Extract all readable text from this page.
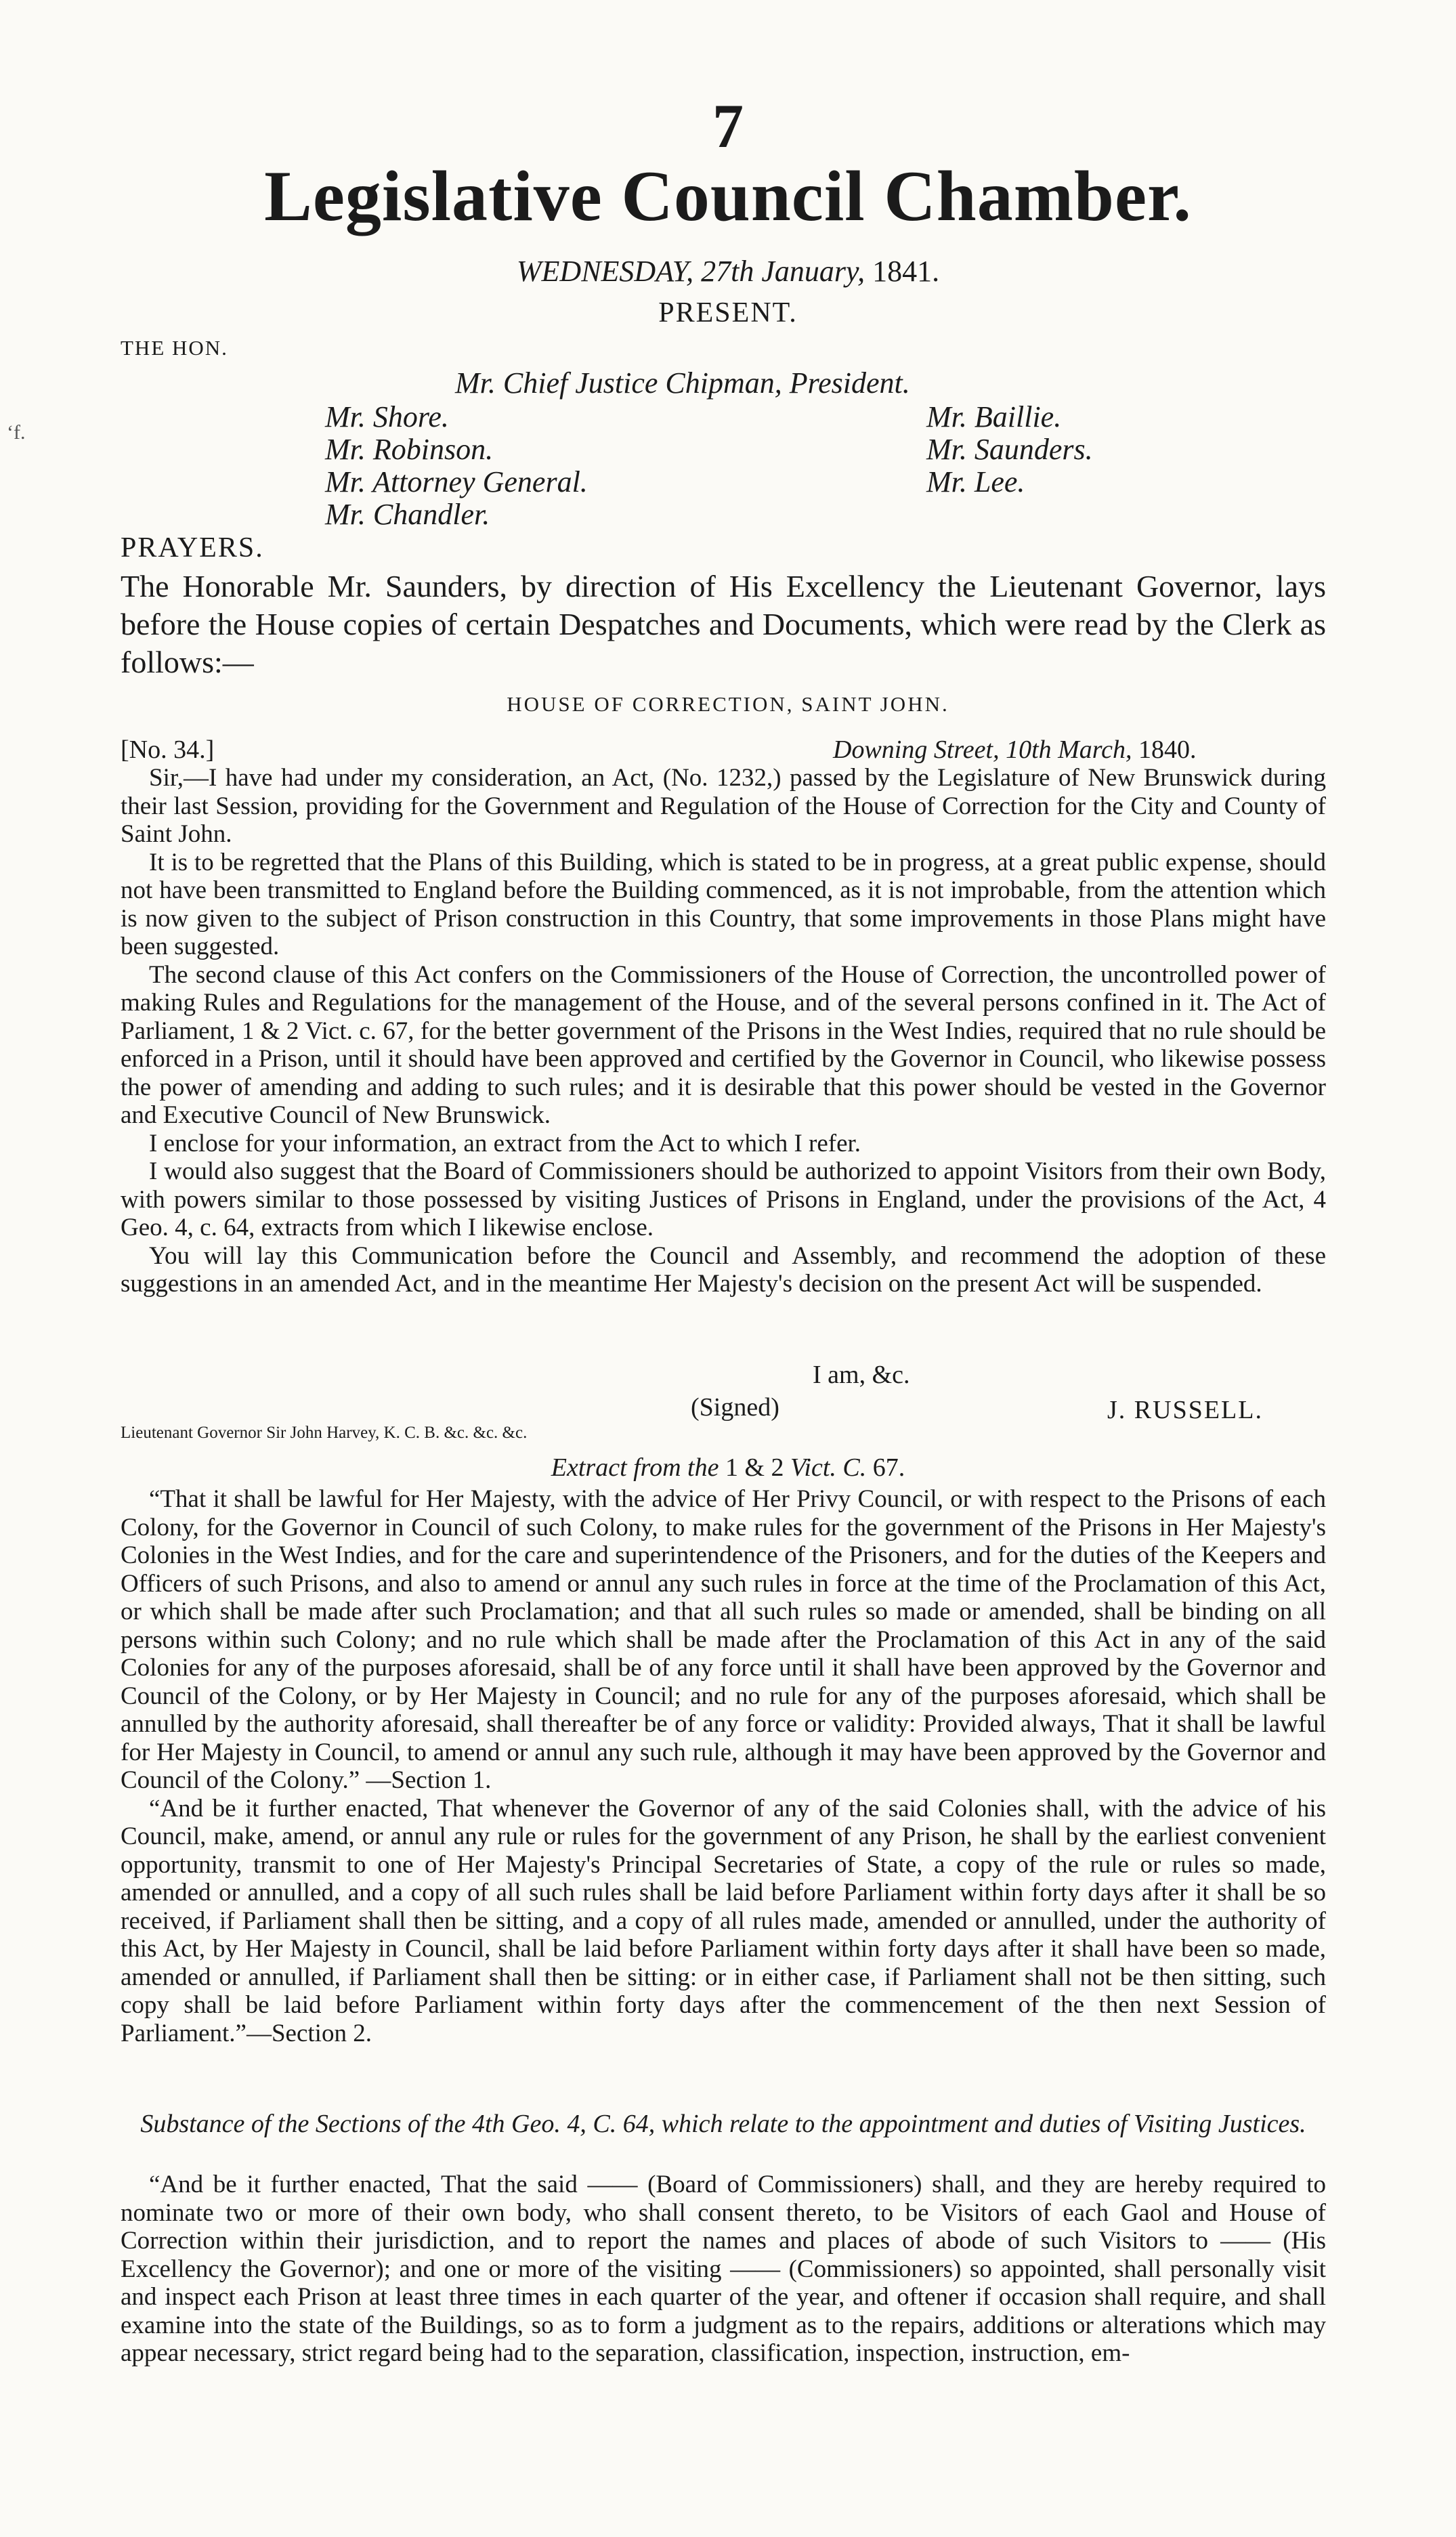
‘f.
7
Legislative Council Chamber.
WEDNESDAY, 27th January, 1841.
PRESENT.
THE HON.
Mr. Chief Justice Chipman, President.
Mr. Shore.
Mr. Robinson.
Mr. Attorney General.
Mr. Chandler.
Mr. Baillie.
Mr. Saunders.
Mr. Lee.
PRAYERS.

The Honorable Mr. Saunders, by direction of His Excellency the Lieutenant Governor, lays before the House copies of certain Despatches and Documents, which were read by the Clerk as follows:—

HOUSE OF CORRECTION, SAINT JOHN.
[No. 34.]	Downing Street, 10th March, 1840.

Sir,—I have had under my consideration, an Act, (No. 1232,) passed by the Legislature of New Brunswick during their last Session, providing for the Government and Regulation of the House of Correction for the City and County of Saint John.

It is to be regretted that the Plans of this Building, which is stated to be in progress, at a great public expense, should not have been transmitted to England before the Building commenced, as it is not improbable, from the attention which is now given to the subject of Prison construction in this Country, that some improvements in those Plans might have been suggested.

The second clause of this Act confers on the Commissioners of the House of Correction, the uncontrolled power of making Rules and Regulations for the management of the House, and of the several persons confined in it. The Act of Parliament, 1 & 2 Vict. c. 67, for the better government of the Prisons in the West Indies, required that no rule should be enforced in a Prison, until it should have been approved and certified by the Governor in Council, who likewise possess the power of amending and adding to such rules; and it is desirable that this power should be vested in the Governor and Executive Council of New Brunswick.

I enclose for your information, an extract from the Act to which I refer.

I would also suggest that the Board of Commissioners should be authorized to appoint Visitors from their own Body, with powers similar to those possessed by visiting Justices of Prisons in England, under the provisions of the Act, 4 Geo. 4, c. 64, extracts from which I likewise enclose.

You will lay this Communication before the Council and Assembly, and recommend the adoption of these suggestions in an amended Act, and in the meantime Her Majesty's decision on the present Act will be suspended.

I am, &c.
(Signed)	J. RUSSELL.
Lieutenant Governor Sir John Harvey, K. C. B. &c. &c. &c.
Extract from the 1 & 2 Vict. C. 67.

“That it shall be lawful for Her Majesty, with the advice of Her Privy Council, or with respect to the Prisons of each Colony, for the Governor in Council of such Colony, to make rules for the government of the Prisons in Her Majesty's Colonies in the West Indies, and for the care and superintendence of the Prisoners, and for the duties of the Keepers and Officers of such Prisons, and also to amend or annul any such rules in force at the time of the Proclamation of this Act, or which shall be made after such Proclamation; and that all such rules so made or amended, shall be binding on all persons within such Colony; and no rule which shall be made after the Proclamation of this Act in any of the said Colonies for any of the purposes aforesaid, shall be of any force until it shall have been approved by the Governor and Council of the Colony, or by Her Majesty in Council; and no rule for any of the purposes aforesaid, which shall be annulled by the authority aforesaid, shall thereafter be of any force or validity: Provided always, That it shall be lawful for Her Majesty in Council, to amend or annul any such rule, although it may have been approved by the Governor and Council of the Colony.” —Section 1.

“And be it further enacted, That whenever the Governor of any of the said Colonies shall, with the advice of his Council, make, amend, or annul any rule or rules for the government of any Prison, he shall by the earliest convenient opportunity, transmit to one of Her Majesty's Principal Secretaries of State, a copy of the rule or rules so made, amended or annulled, and a copy of all such rules shall be laid before Parliament within forty days after it shall be so received, if Parliament shall then be sitting, and a copy of all rules made, amended or annulled, under the authority of this Act, by Her Majesty in Council, shall be laid before Parliament within forty days after it shall have been so made, amended or annulled, if Parliament shall then be sitting: or in either case, if Parliament shall not be then sitting, such copy shall be laid before Parliament within forty days after the commencement of the then next Session of Parliament.”—Section 2.

Substance of the Sections of the 4th Geo. 4, C. 64, which relate to the appointment and duties of Visiting Justices.

“And be it further enacted, That the said —— (Board of Commissioners) shall, and they are hereby required to nominate two or more of their own body, who shall consent thereto, to be Visitors of each Gaol and House of Correction within their jurisdiction, and to report the names and places of abode of such Visitors to —— (His Excellency the Governor); and one or more of the visiting —— (Commissioners) so appointed, shall personally visit and inspect each Prison at least three times in each quarter of the year, and oftener if occasion shall require, and shall examine into the state of the Buildings, so as to form a judgment as to the repairs, additions or alterations which may appear necessary, strict regard being had to the separation, classification, inspection, instruction, em-
